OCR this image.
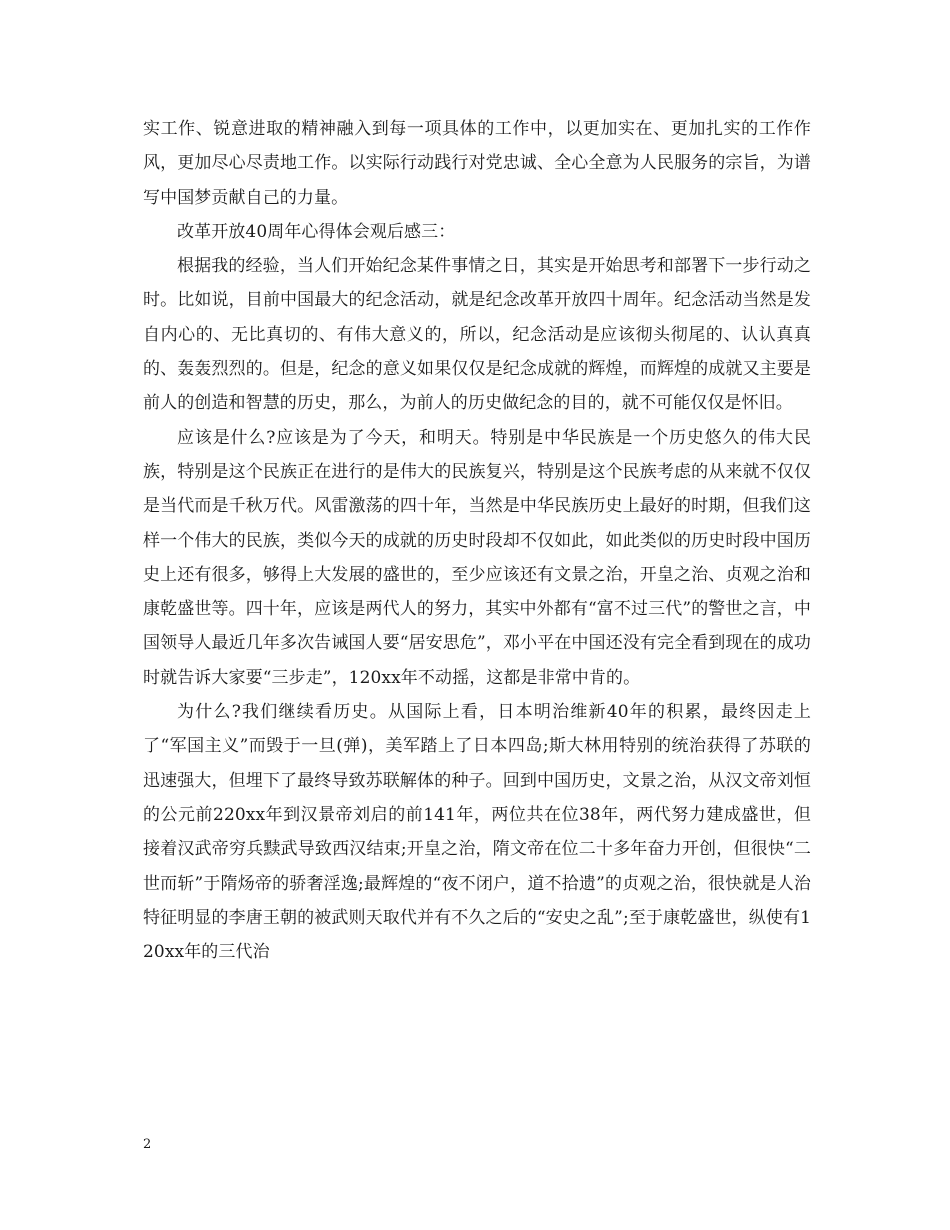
实工作、锐意进取的精神融入到每一项具体的工作中，以更加实在、更加扎实的工作作风，更加尽心尽责地工作。以实际行动践行对党忠诚、全心全意为人民服务的宗旨，为谱写中国梦贡献自己的力量。

改革开放40周年心得体会观后感三：

根据我的经验，当人们开始纪念某件事情之日，其实是开始思考和部署下一步行动之时。比如说，目前中国最大的纪念活动，就是纪念改革开放四十周年。纪念活动当然是发自内心的、无比真切的、有伟大意义的，所以，纪念活动是应该彻头彻尾的、认认真真的、轰轰烈烈的。但是，纪念的意义如果仅仅是纪念成就的辉煌，而辉煌的成就又主要是前人的创造和智慧的历史，那么，为前人的历史做纪念的目的，就不可能仅仅是怀旧。

应该是什么?应该是为了今天，和明天。特别是中华民族是一个历史悠久的伟大民族，特别是这个民族正在进行的是伟大的民族复兴，特别是这个民族考虑的从来就不仅仅是当代而是千秋万代。风雷激荡的四十年，当然是中华民族历史上最好的时期，但我们这样一个伟大的民族，类似今天的成就的历史时段却不仅如此，如此类似的历史时段中国历史上还有很多，够得上大发展的盛世的，至少应该还有文景之治，开皇之治、贞观之治和康乾盛世等。四十年，应该是两代人的努力，其实中外都有“富不过三代”的警世之言，中国领导人最近几年多次告诫国人要“居安思危”，邓小平在中国还没有完全看到现在的成功时就告诉大家要“三步走”，120xx年不动摇，这都是非常中肯的。

为什么?我们继续看历史。从国际上看，日本明治维新40年的积累，最终因走上了“军国主义”而毁于一旦(弹)，美军踏上了日本四岛;斯大林用特别的统治获得了苏联的迅速强大，但埋下了最终导致苏联解体的种子。回到中国历史，文景之治，从汉文帝刘恒的公元前220xx年到汉景帝刘启的前141年，两位共在位38年，两代努力建成盛世，但接着汉武帝穷兵黩武导致西汉结束;开皇之治，隋文帝在位二十多年奋力开创，但很快“二世而斩”于隋炀帝的骄奢淫逸;最辉煌的“夜不闭户，道不拾遗”的贞观之治，很快就是人治特征明显的李唐王朝的被武则天取代并有不久之后的“安史之乱”;至于康乾盛世，纵使有120xx年的三代治

2
